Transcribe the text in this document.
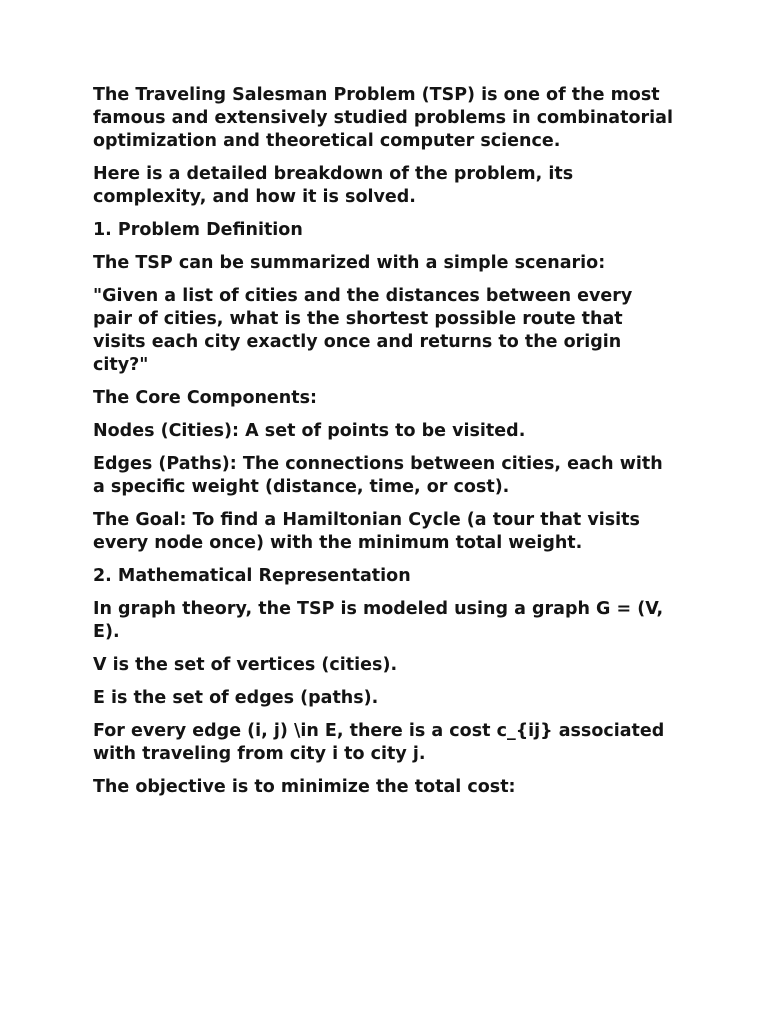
The Traveling Salesman Problem (TSP) is one of the most famous and extensively studied problems in combinatorial optimization and theoretical computer science.

Here is a detailed breakdown of the problem, its complexity, and how it is solved.

1. Problem Definition

The TSP can be summarized with a simple scenario:

"Given a list of cities and the distances between every pair of cities, what is the shortest possible route that visits each city exactly once and returns to the origin city?"

The Core Components:

Nodes (Cities): A set of points to be visited.

Edges (Paths): The connections between cities, each with a specific weight (distance, time, or cost).

The Goal: To find a Hamiltonian Cycle (a tour that visits every node once) with the minimum total weight.

2. Mathematical Representation

In graph theory, the TSP is modeled using a graph G = (V, E).

V is the set of vertices (cities).

E is the set of edges (paths).

For every edge (i, j) \in E, there is a cost c_{ij} associated with traveling from city i to city j.

The objective is to minimize the total cost:
